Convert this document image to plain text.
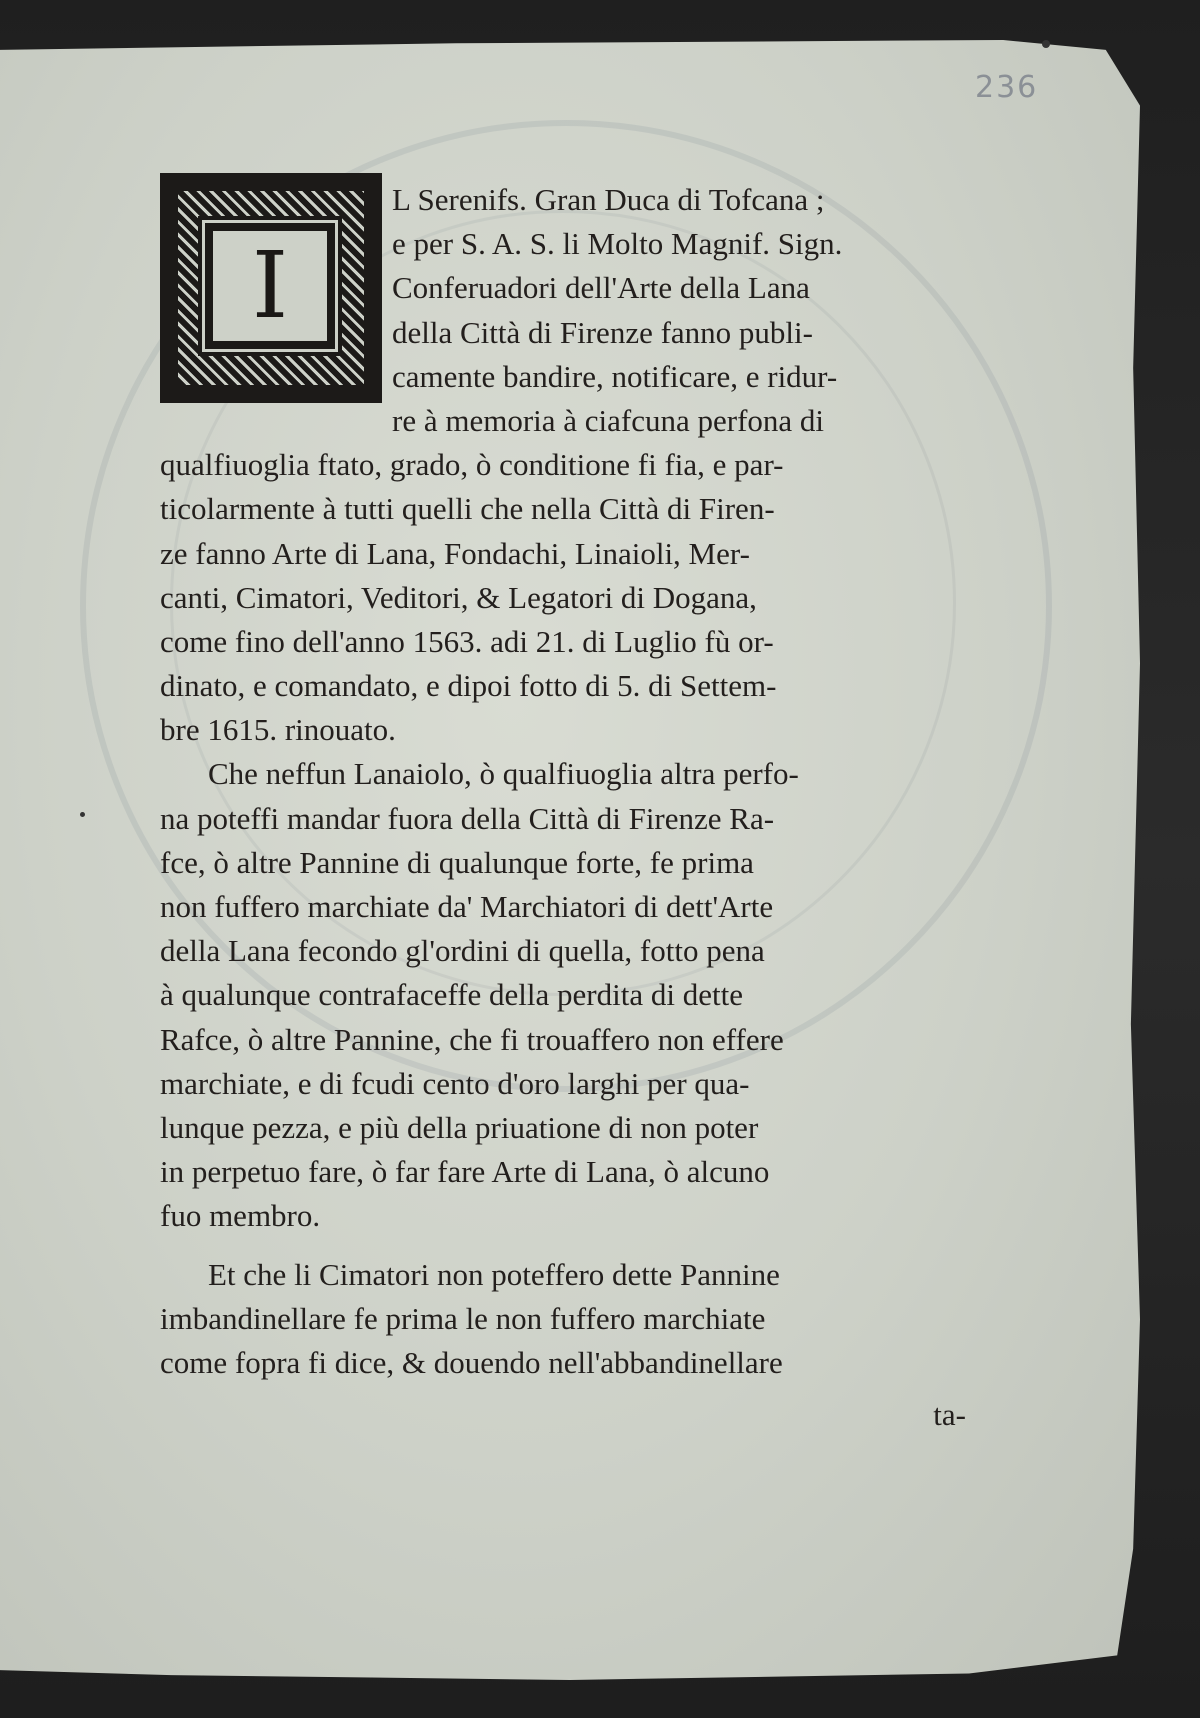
236
I
L Serenifs. Gran Duca di Tofcana ;
e per S. A. S. li Molto Magnif. Sign.
Conferuadori dell'Arte della Lana
della Città di Firenze fanno publi-
camente bandire, notificare, e ridur-
re à memoria à ciafcuna perfona di
qualfiuoglia ftato, grado, ò conditione fi fia, e par-
ticolarmente à tutti quelli che nella Città di Firen-
ze fanno Arte di Lana, Fondachi, Linaioli, Mer-
canti, Cimatori, Veditori, & Legatori di Dogana,
come fino dell'anno 1563. adi 21. di Luglio fù or-
dinato, e comandato, e dipoi fotto di 5. di Settem-
bre 1615. rinouato.
Che neffun Lanaiolo, ò qualfiuoglia altra perfo-
na poteffi mandar fuora della Città di Firenze Ra-
fce, ò altre Pannine di qualunque forte, fe prima
non fuffero marchiate da' Marchiatori di dett'Arte
della Lana fecondo gl'ordini di quella, fotto pena
à qualunque contrafaceffe della perdita di dette
Rafce, ò altre Pannine, che fi trouaffero non effere
marchiate, e di fcudi cento d'oro larghi per qua-
lunque pezza, e più della priuatione di non poter
in perpetuo fare, ò far fare Arte di Lana, ò alcuno
fuo membro.
Et che li Cimatori non poteffero dette Pannine
imbandinellare fe prima le non fuffero marchiate
come fopra fi dice, & douendo nell'abbandinellare
ta-
